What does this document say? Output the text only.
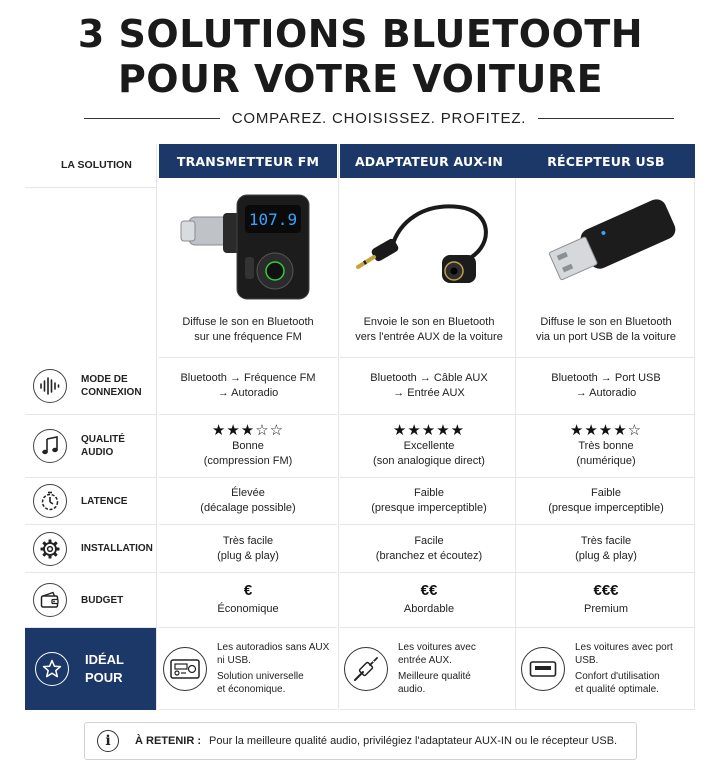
3 SOLUTIONS BLUETOOTH
POUR VOTRE VOITURE
COMPAREZ. CHOISISSEZ. PROFITEZ.
LA SOLUTION
MODE DE
CONNEXION
QUALITÉ
AUDIO
LATENCE
INSTALLATION
BUDGET
IDÉAL
POUR
TRANSMETTEUR FM
107.9
Diffuse le son en Bluetooth
sur une fréquence FM
Bluetooth → Fréquence FM
→ Autoradio
★★★☆☆
Bonne
(compression FM)
Élevée
(décalage possible)
Très facile
(plug & play)
€
Économique
Les autoradios sans AUX
ni USB.
Solution universelle
et économique.
ADAPTATEUR AUX-IN
Envoie le son en Bluetooth
vers l'entrée AUX de la voiture
Bluetooth → Câble AUX
→ Entrée AUX
★★★★★
Excellente
(son analogique direct)
Faible
(presque imperceptible)
Facile
(branchez et écoutez)
€€
Abordable
Les voitures avec
entrée AUX.
Meilleure qualité
audio.
RÉCEPTEUR USB
Diffuse le son en Bluetooth
via un port USB de la voiture
Bluetooth → Port USB
→ Autoradio
★★★★☆
Très bonne
(numérique)
Faible
(presque imperceptible)
Très facile
(plug & play)
€€€
Premium
Les voitures avec port USB.
Confort d'utilisation
et qualité optimale.
i	À RETENIR : Pour la meilleure qualité audio, privilégiez l'adaptateur AUX-IN ou le récepteur USB.
